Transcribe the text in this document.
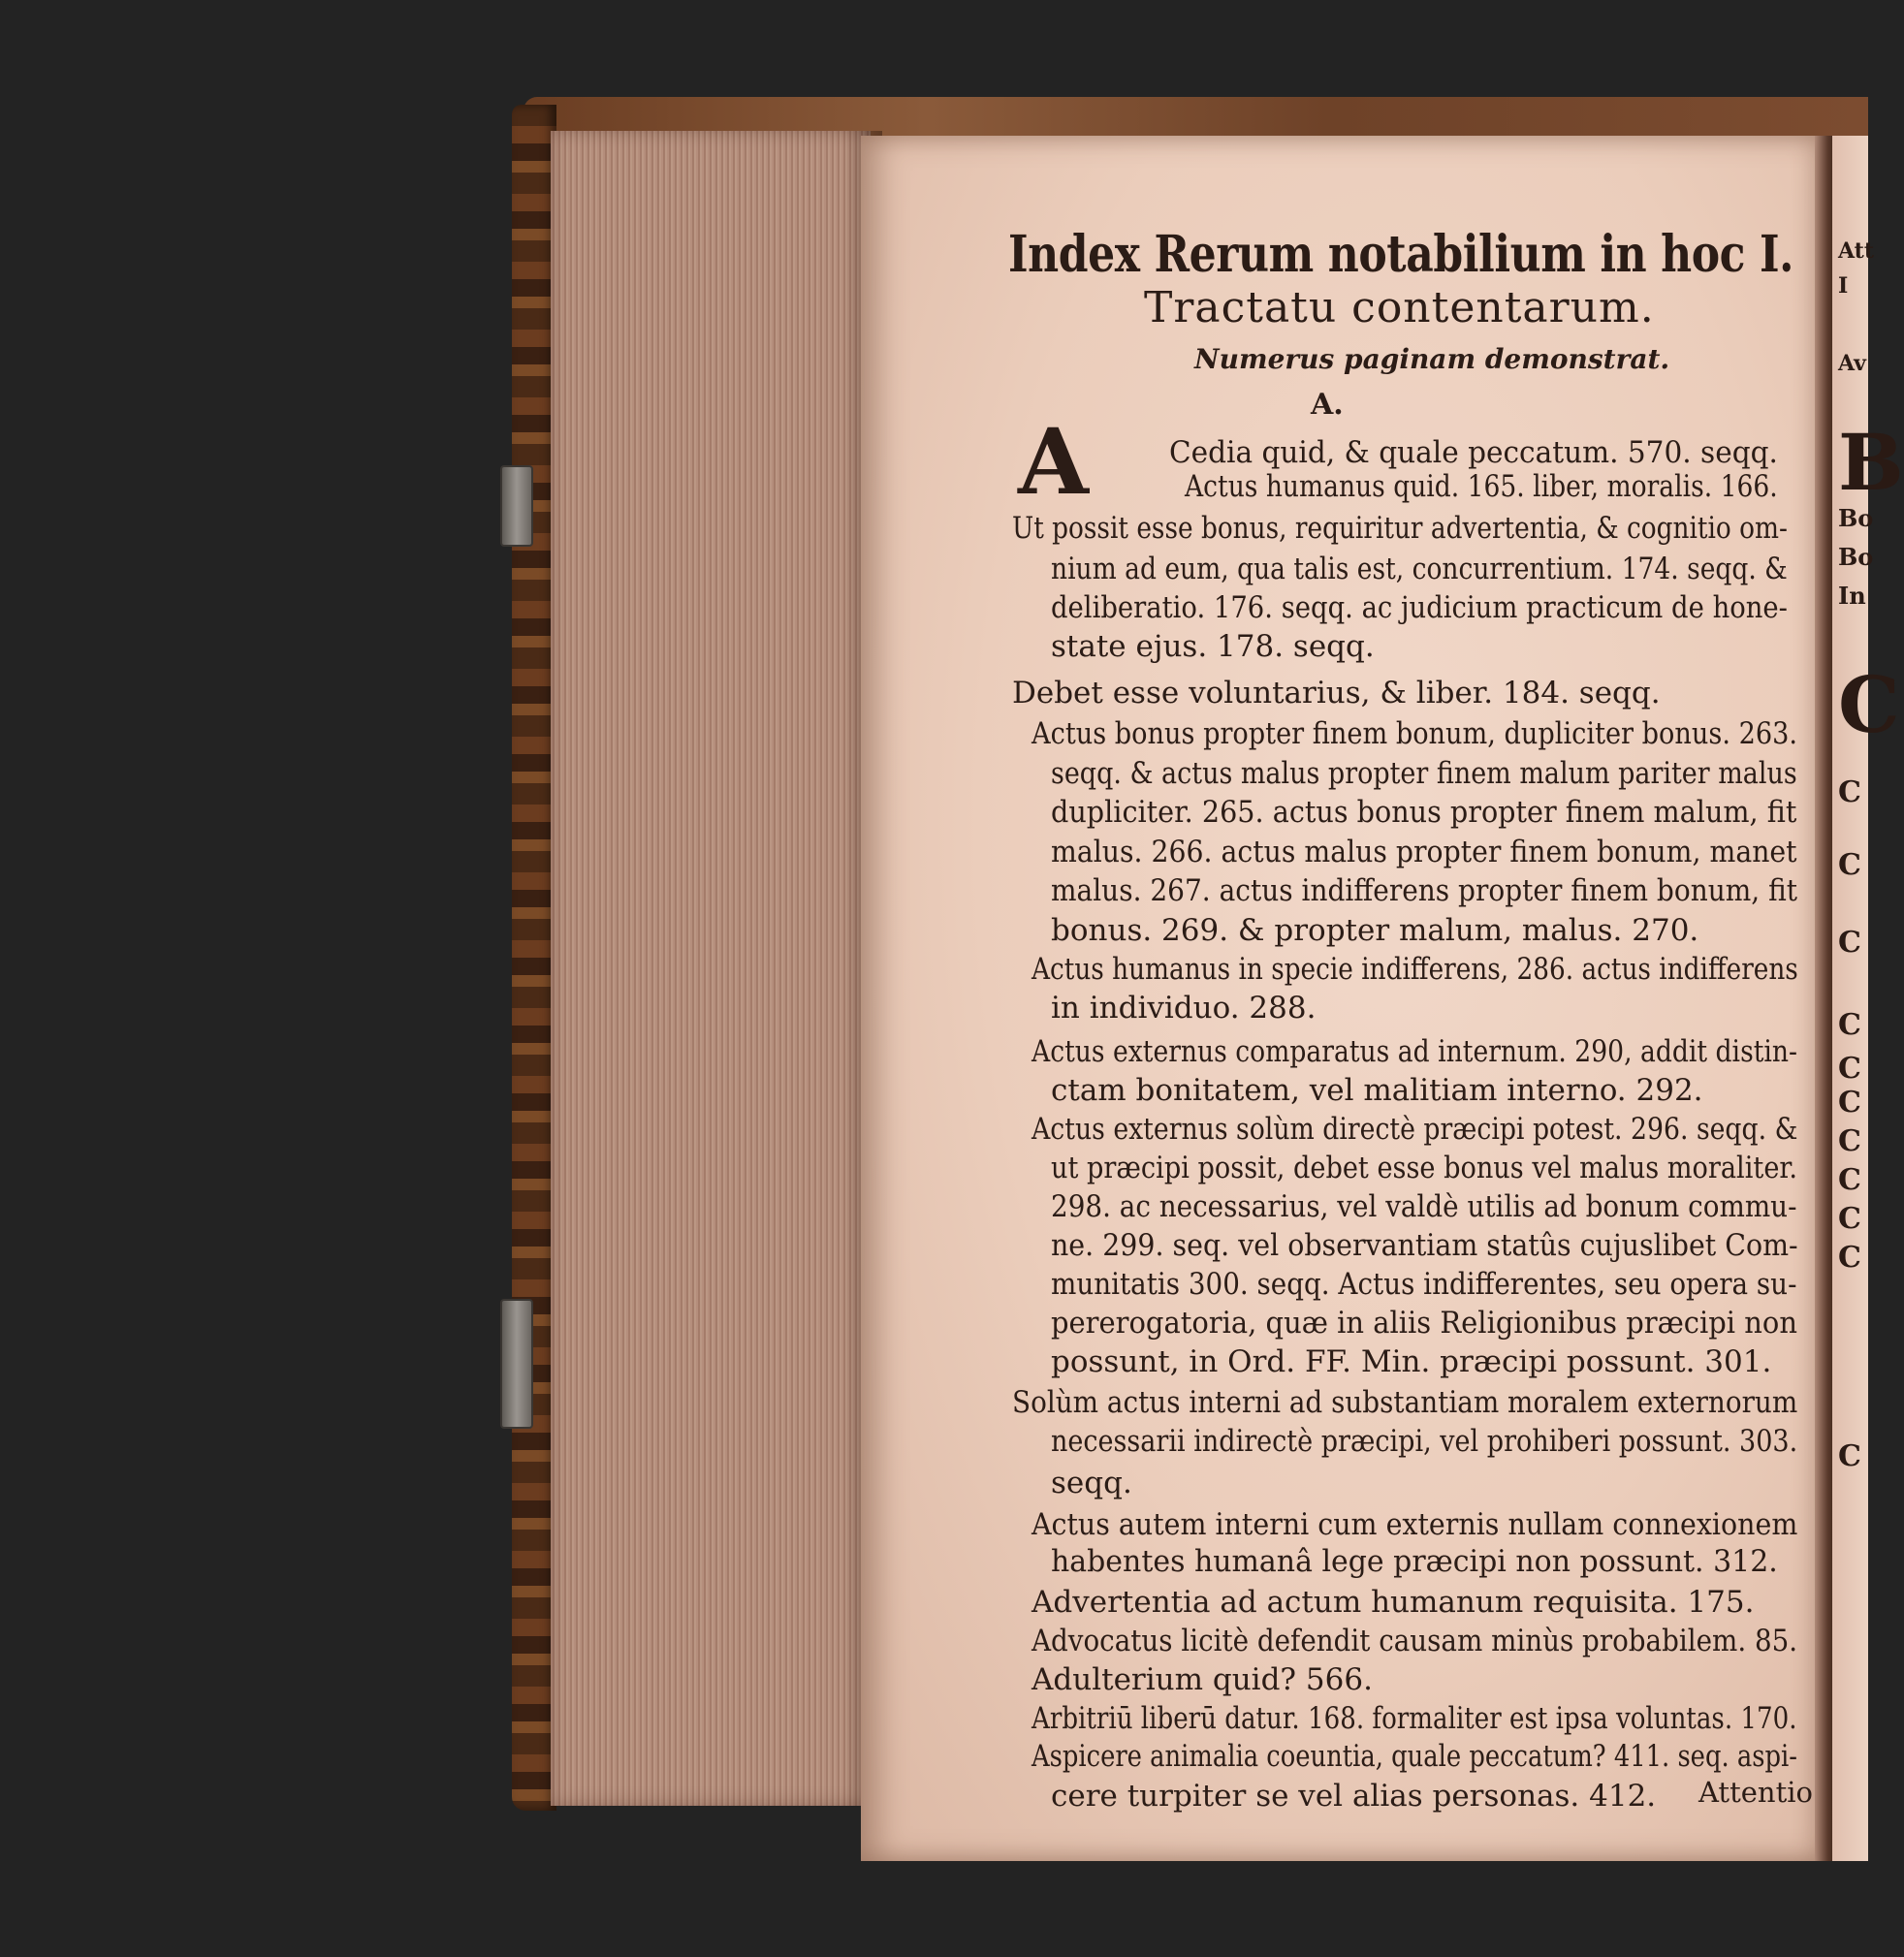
Index Rerum notabilium in hoc I.
Tractatu contentarum.
Numerus paginam demonstrat.
A.
A	Cedia quid, & quale peccatum. 570. seqq.
Actus humanus quid. 165. liber, moralis. 166.
Ut possit esse bonus, requiritur advertentia, & cognitio om-
nium ad eum, qua talis est, concurrentium. 174. seqq. &
deliberatio. 176. seqq. ac judicium practicum de hone-
state ejus. 178. seqq.
Debet esse voluntarius, & liber. 184. seqq.
Actus bonus propter finem bonum, dupliciter bonus. 263.
seqq. & actus malus propter finem malum pariter malus
dupliciter. 265. actus bonus propter finem malum, fit
malus. 266. actus malus propter finem bonum, manet
malus. 267. actus indifferens propter finem bonum, fit
bonus. 269. & propter malum, malus. 270.
Actus humanus in specie indifferens, 286. actus indifferens
in individuo. 288.
Actus externus comparatus ad internum. 290, addit distin-
ctam bonitatem, vel malitiam interno. 292.
Actus externus solùm directè præcipi potest. 296. seqq. &
ut præcipi possit, debet esse bonus vel malus moraliter.
298. ac necessarius, vel valdè utilis ad bonum commu-
ne. 299. seq. vel observantiam statûs cujuslibet Com-
munitatis 300. seqq. Actus indifferentes, seu opera su-
pererogatoria, quæ in aliis Religionibus præcipi non
possunt, in Ord. FF. Min. præcipi possunt. 301.
Solùm actus interni ad substantiam moralem externorum
necessarii indirectè præcipi, vel prohiberi possunt. 303.
seqq.
Actus autem interni cum externis nullam connexionem
habentes humanâ lege præcipi non possunt. 312.
Advertentia ad actum humanum requisita. 175.
Advocatus licitè defendit causam minùs probabilem. 85.
Adulterium quid? 566.
Arbitriū liberū datur. 168. formaliter est ipsa voluntas. 170.
Aspicere animalia coeuntia, quale peccatum? 411. seq. aspi-
cere turpiter se vel alias personas. 412. Attentio
Att
I
Av
B
Bo
Bo
In
C
C
C
C
C
C
C
C
C
C
C
C
